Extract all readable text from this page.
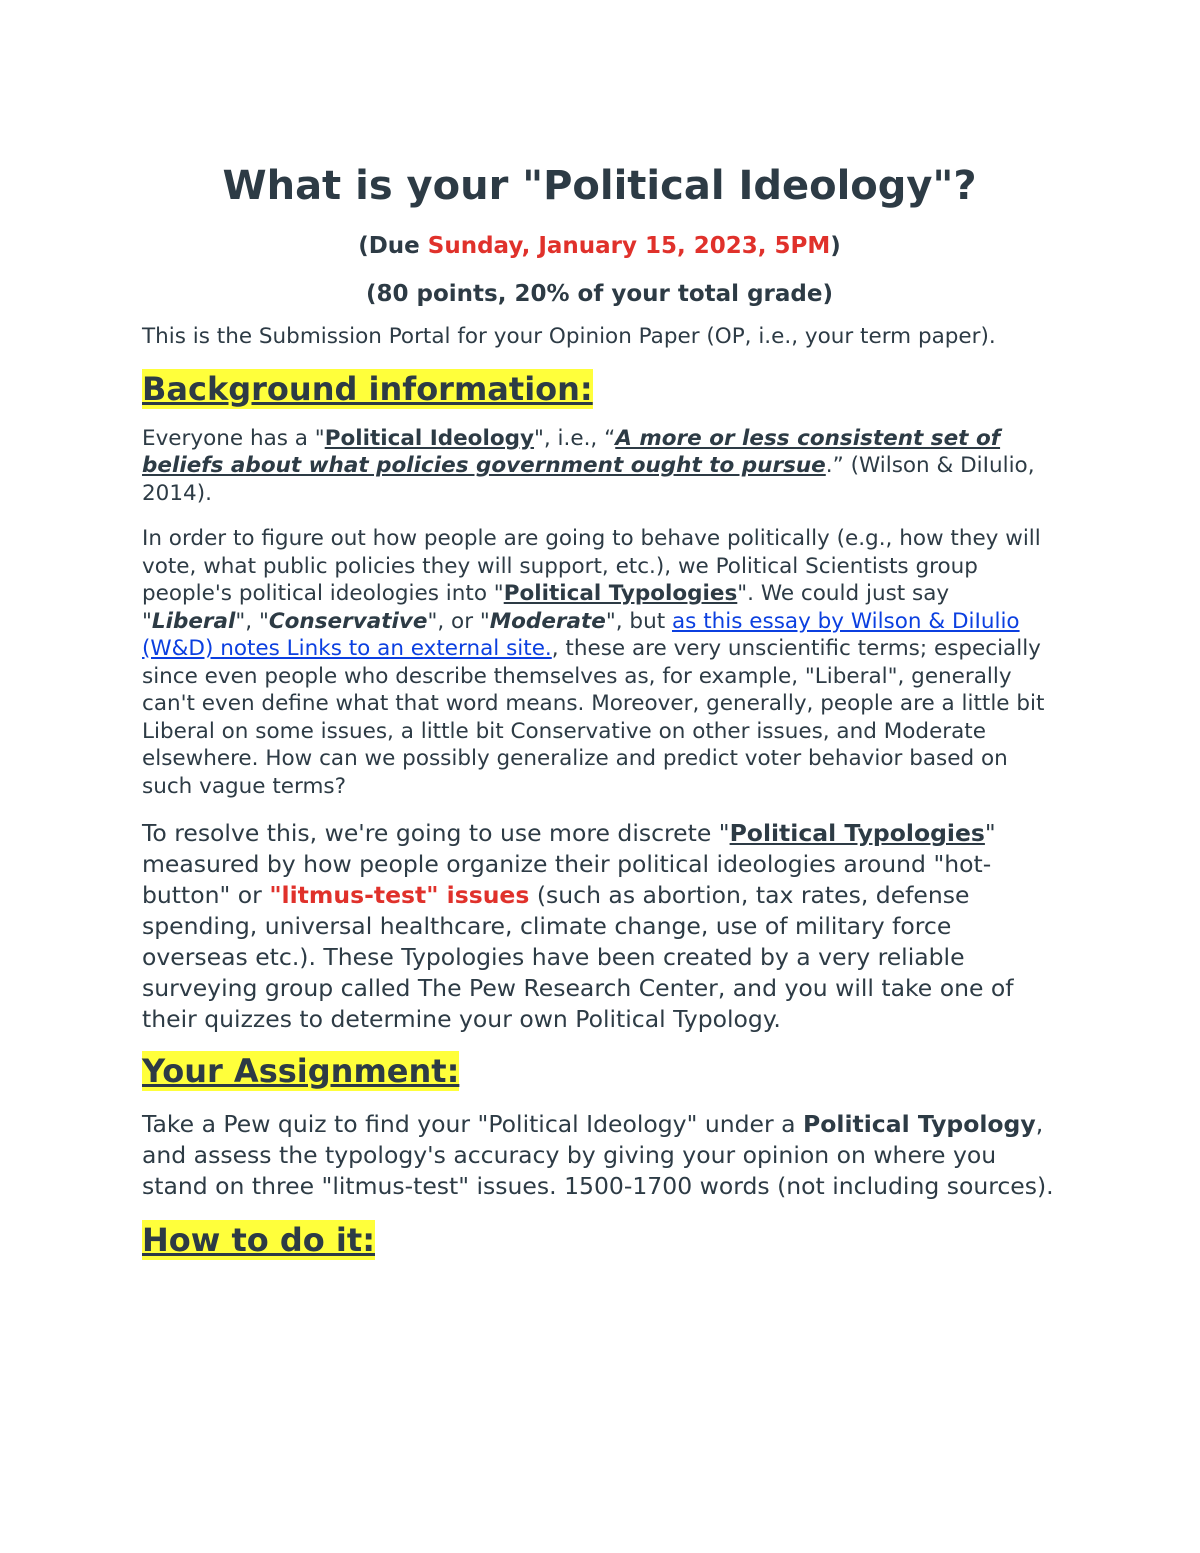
What is your "Political Ideology"?

(Due Sunday, January 15, 2023, 5PM)

(80 points, 20% of your total grade)

This is the Submission Portal for your Opinion Paper (OP, i.e., your term paper).

Background information:

Everyone has a "Political Ideology", i.e., “A more or less consistent set of beliefs about what policies government ought to pursue.” (Wilson & DiIulio, 2014).

In order to figure out how people are going to behave politically (e.g., how they will vote, what public policies they will support, etc.), we Political Scientists group people's political ideologies into "Political Typologies". We could just say "Liberal", "Conservative", or "Moderate", but as this essay by Wilson & DiIulio (W&D) notes Links to an external site., these are very unscientific terms; especially since even people who describe themselves as, for example, "Liberal", generally can't even define what that word means. Moreover, generally, people are a little bit Liberal on some issues, a little bit Conservative on other issues, and Moderate elsewhere. How can we possibly generalize and predict voter behavior based on such vague terms?

To resolve this, we're going to use more discrete "Political Typologies" measured by how people organize their political ideologies around "hot-button" or "litmus-test" issues (such as abortion, tax rates, defense spending, universal healthcare, climate change, use of military force overseas etc.). These Typologies have been created by a very reliable surveying group called The Pew Research Center, and you will take one of their quizzes to determine your own Political Typology.

Your Assignment:

Take a Pew quiz to find your "Political Ideology" under a Political Typology, and assess the typology's accuracy by giving your opinion on where you stand on three "litmus-test" issues. 1500-1700 words (not including sources).

How to do it:
